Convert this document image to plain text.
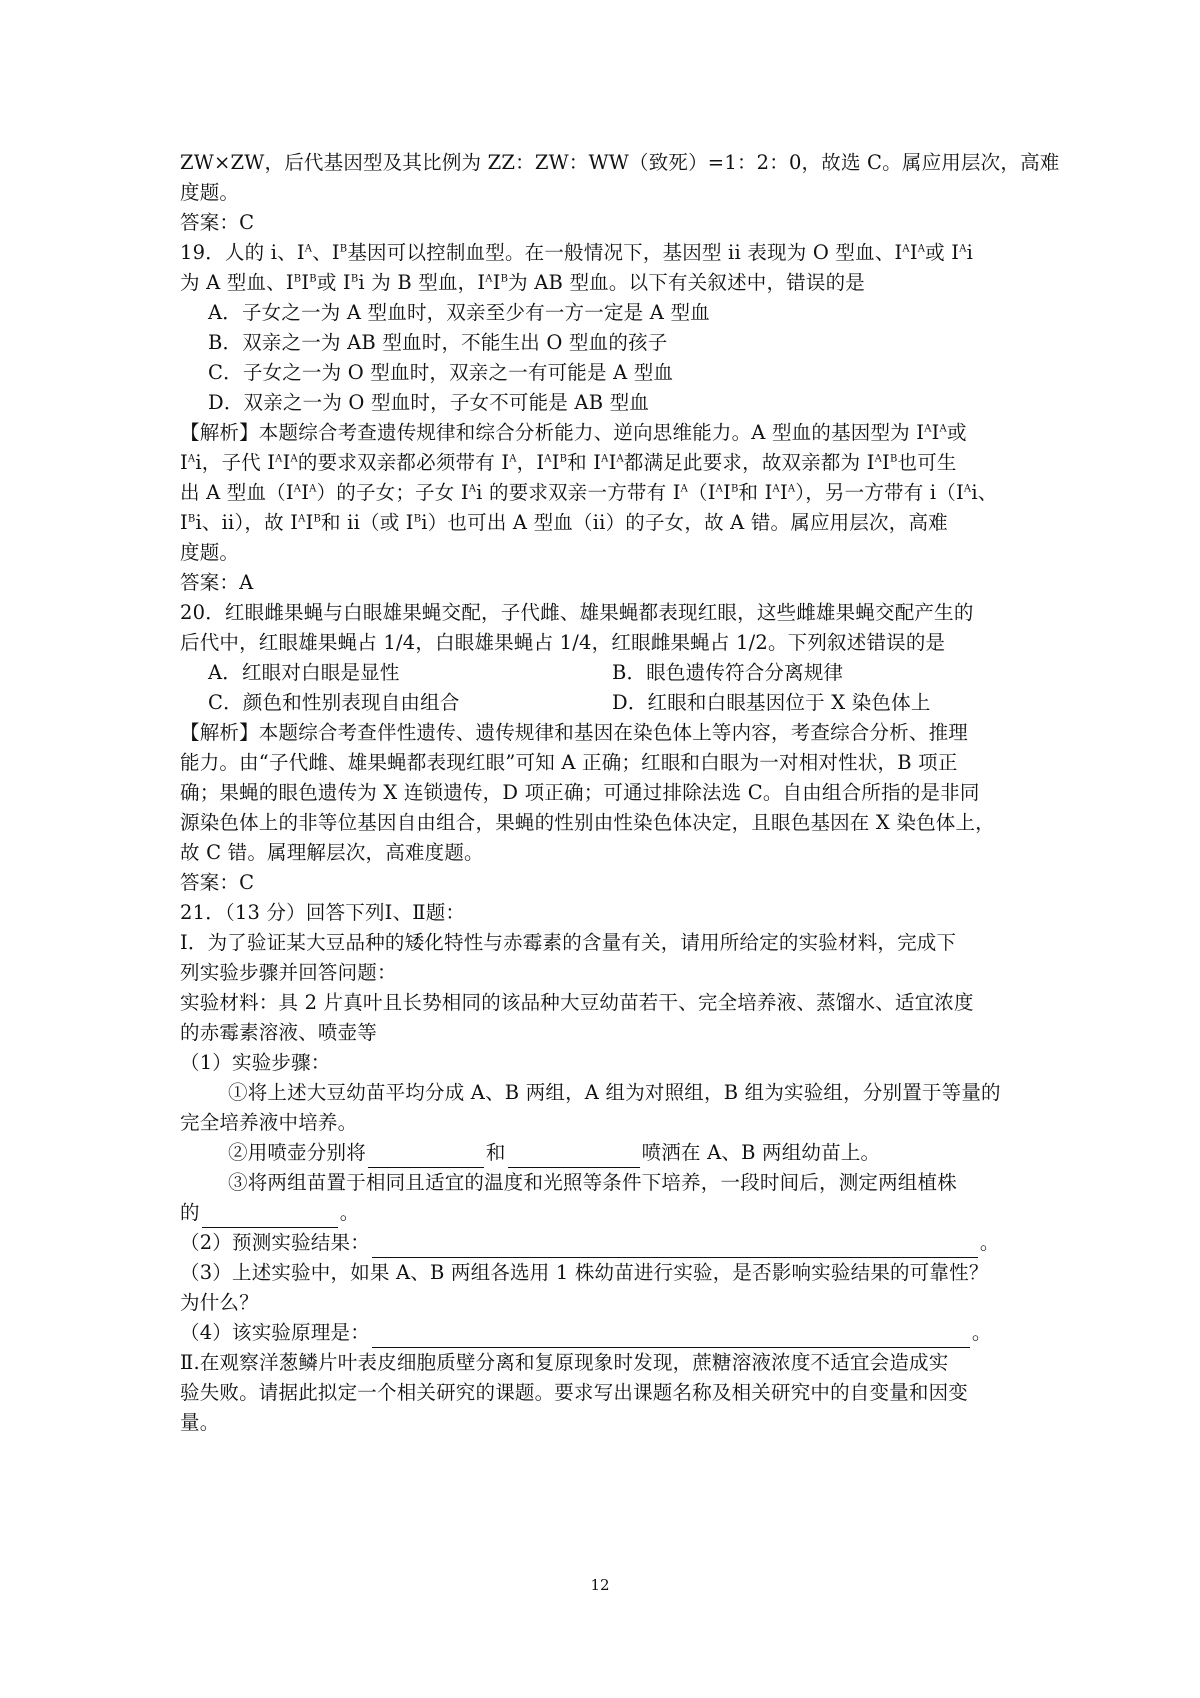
ZW×ZW，后代基因型及其比例为 ZZ：ZW：WW（致死）=1：2：0，故选 C。属应用层次，高难
度题。
答案：C
19．人的 i、$I^A$、$I^B$基因可以控制血型。在一般情况下，基因型 ii 表现为 O 型血、$I^AI^A$或 $I^Ai$
为 A 型血、$I^BI^B$或 $I^Bi$ 为 B 型血，$I^AI^B$为 AB 型血。以下有关叙述中，错误的是
A．子女之一为 A 型血时，双亲至少有一方一定是 A 型血
B．双亲之一为 AB 型血时，不能生出 O 型血的孩子
C．子女之一为 O 型血时，双亲之一有可能是 A 型血
D．双亲之一为 O 型血时，子女不可能是 AB 型血
【解析】本题综合考查遗传规律和综合分析能力、逆向思维能力。A 型血的基因型为 $I^AI^A$或
$I^Ai$，子代 $I^AI^A$的要求双亲都必须带有 $I^A$，$I^AI^B$和 $I^AI^A$都满足此要求，故双亲都为 $I^AI^B$也可生
出 A 型血$(I^AI^A)$的子女；子女 $I^Ai$ 的要求双亲一方带有 $I^A(I^AI^B$和 $I^AI^A$），另一方带有 $i(I^Ai$、
$I^Bi$、ii），故 $I^AI^B$和 ii（或 $I^Bi$）也可出 A 型血（ii）的子女，故 A 错。属应用层次，高难
度题。
答案：A
20．红眼雌果蝇与白眼雄果蝇交配，子代雌、雄果蝇都表现红眼，这些雌雄果蝇交配产生的
后代中，红眼雄果蝇占 1/4，白眼雄果蝇占 1/4，红眼雌果蝇占 1/2。下列叙述错误的是
A．红眼对白眼是显性	B．眼色遗传符合分离规律
C．颜色和性别表现自由组合	D．红眼和白眼基因位于 X 染色体上
【解析】本题综合考查伴性遗传、遗传规律和基因在染色体上等内容，考查综合分析、推理
能力。由“子代雌、雄果蝇都表现红眼”可知 A 正确；红眼和白眼为一对相对性状，B 项正
确；果蝇的眼色遗传为 X 连锁遗传，D 项正确；可通过排除法选 C。自由组合所指的是非同
源染色体上的非等位基因自由组合，果蝇的性别由性染色体决定，且眼色基因在 X 染色体上，
故 C 错。属理解层次，高难度题。
答案：C
21．（13 分）回答下列Ⅰ、Ⅱ题：
Ⅰ．为了验证某大豆品种的矮化特性与赤霉素的含量有关，请用所给定的实验材料，完成下
列实验步骤并回答问题：
实验材料：具 2 片真叶且长势相同的该品种大豆幼苗若干、完全培养液、蒸馏水、适宜浓度
的赤霉素溶液、喷壶等
（1）实验步骤：
①将上述大豆幼苗平均分成 A、B 两组，A 组为对照组，B 组为实验组，分别置于等量的
完全培养液中培养。
②用喷壶分别将	和	喷洒在 A、B 两组幼苗上。
③将两组苗置于相同且适宜的温度和光照等条件下培养，一段时间后，测定两组植株
的	。
（2）预测实验结果：	。
（3）上述实验中，如果 A、B 两组各选用 1 株幼苗进行实验，是否影响实验结果的可靠性？
为什么？
（4）该实验原理是：	。
Ⅱ.在观察洋葱鳞片叶表皮细胞质壁分离和复原现象时发现，蔗糖溶液浓度不适宜会造成实
验失败。请据此拟定一个相关研究的课题。要求写出课题名称及相关研究中的自变量和因变
量。
12
